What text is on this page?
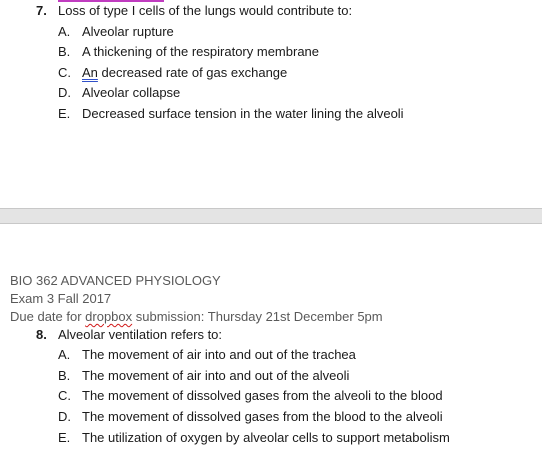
7. Loss of type I cells of the lungs would contribute to:
A. Alveolar rupture
B. A thickening of the respiratory membrane
C. An decreased rate of gas exchange
D. Alveolar collapse
E. Decreased surface tension in the water lining the alveoli
BIO 362 ADVANCED PHYSIOLOGY
Exam 3 Fall 2017
Due date for dropbox submission: Thursday 21st December 5pm
8. Alveolar ventilation refers to:
A. The movement of air into and out of the trachea
B. The movement of air into and out of the alveoli
C. The movement of dissolved gases from the alveoli to the blood
D. The movement of dissolved gases from the blood to the alveoli
E. The utilization of oxygen by alveolar cells to support metabolism
